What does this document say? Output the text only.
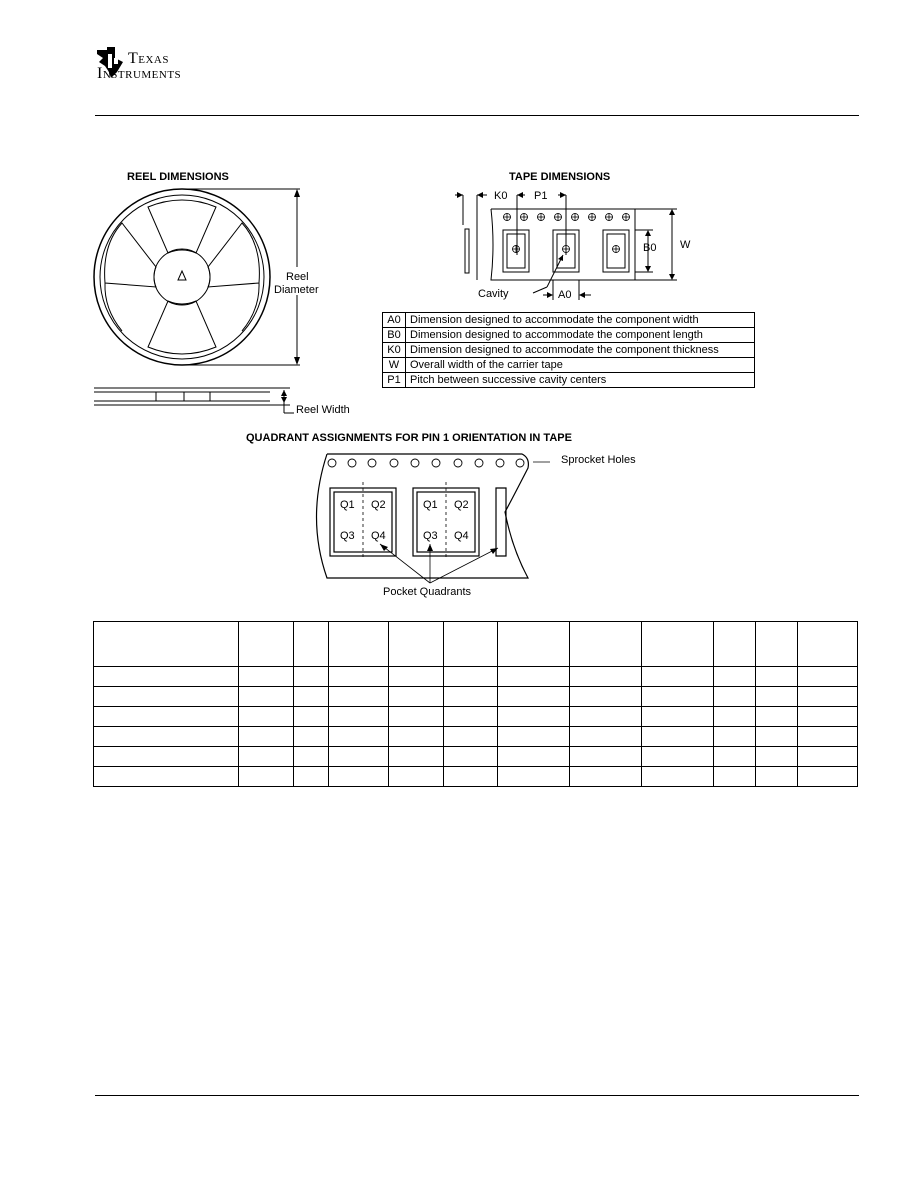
Texas
Instruments
REEL DIMENSIONS
Reel
Diameter
Reel Width
TAPE DIMENSIONS
K0 P1
B0 W
Cavity	A0
A0	Dimension designed to accommodate the component width
B0	Dimension designed to accommodate the component length
K0	Dimension designed to accommodate the component thickness
W	Overall width of the carrier tape
P1	Pitch between successive cavity centers
QUADRANT ASSIGNMENTS FOR PIN 1 ORIENTATION IN TAPE
Sprocket Holes
Pocket Quadrants
Q1 Q2
Q3 Q4
Q1 Q2
Q3 Q4
